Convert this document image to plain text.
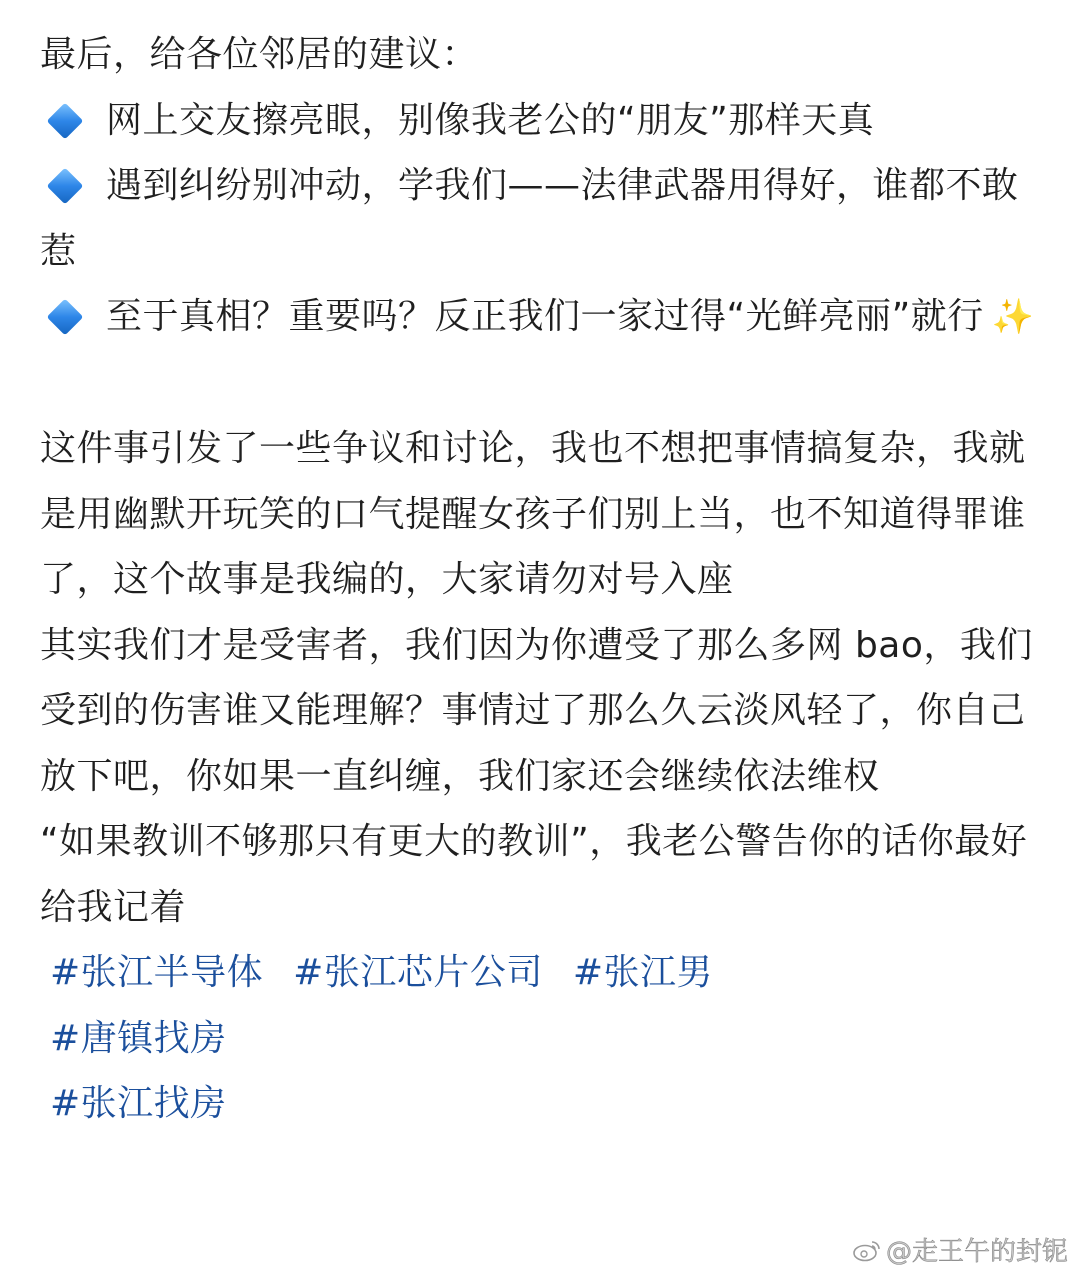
最后，给各位邻居的建议：

网上交友擦亮眼，别像我老公的“朋友”那样天真

遇到纠纷别冲动，学我们——法律武器用得好，谁都不敢惹

至于真相？重要吗？反正我们一家过得“光鲜亮丽”就行 ✨

这件事引发了一些争议和讨论，我也不想把事情搞复杂，我就是用幽默开玩笑的口气提醒女孩子们别上当，也不知道得罪谁了，这个故事是我编的，大家请勿对号入座

其实我们才是受害者，我们因为你遭受了那么多网 bao，我们受到的伤害谁又能理解？事情过了那么久云淡风轻了，你自己放下吧，你如果一直纠缠，我们家还会继续依法维权

“如果教训不够那只有更大的教训”，我老公警告你的话你最好给我记着

#张江半导体 #张江芯片公司 #张江男
#唐镇找房
#张江找房
@走王午的封铌
